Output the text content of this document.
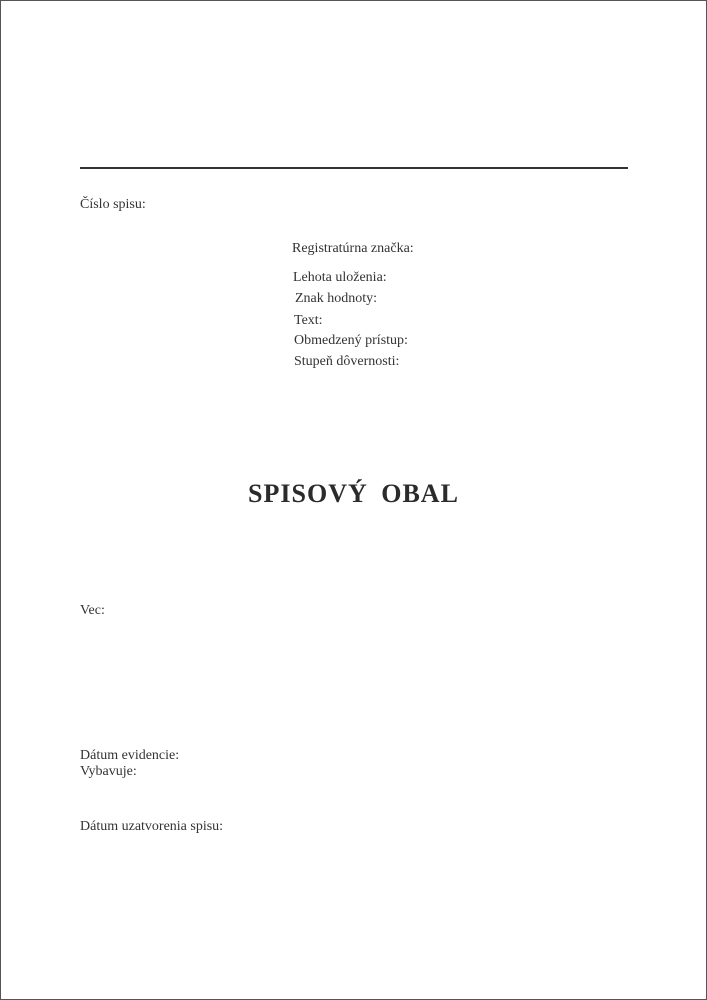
Číslo spisu:
Registratúrna značka:
Lehota uloženia:
Znak hodnoty:
Text:
Obmedzený prístup:
Stupeň dôvernosti:
SPISOVÝ OBAL
Vec:
Dátum evidencie:
Vybavuje:
Dátum uzatvorenia spisu:
